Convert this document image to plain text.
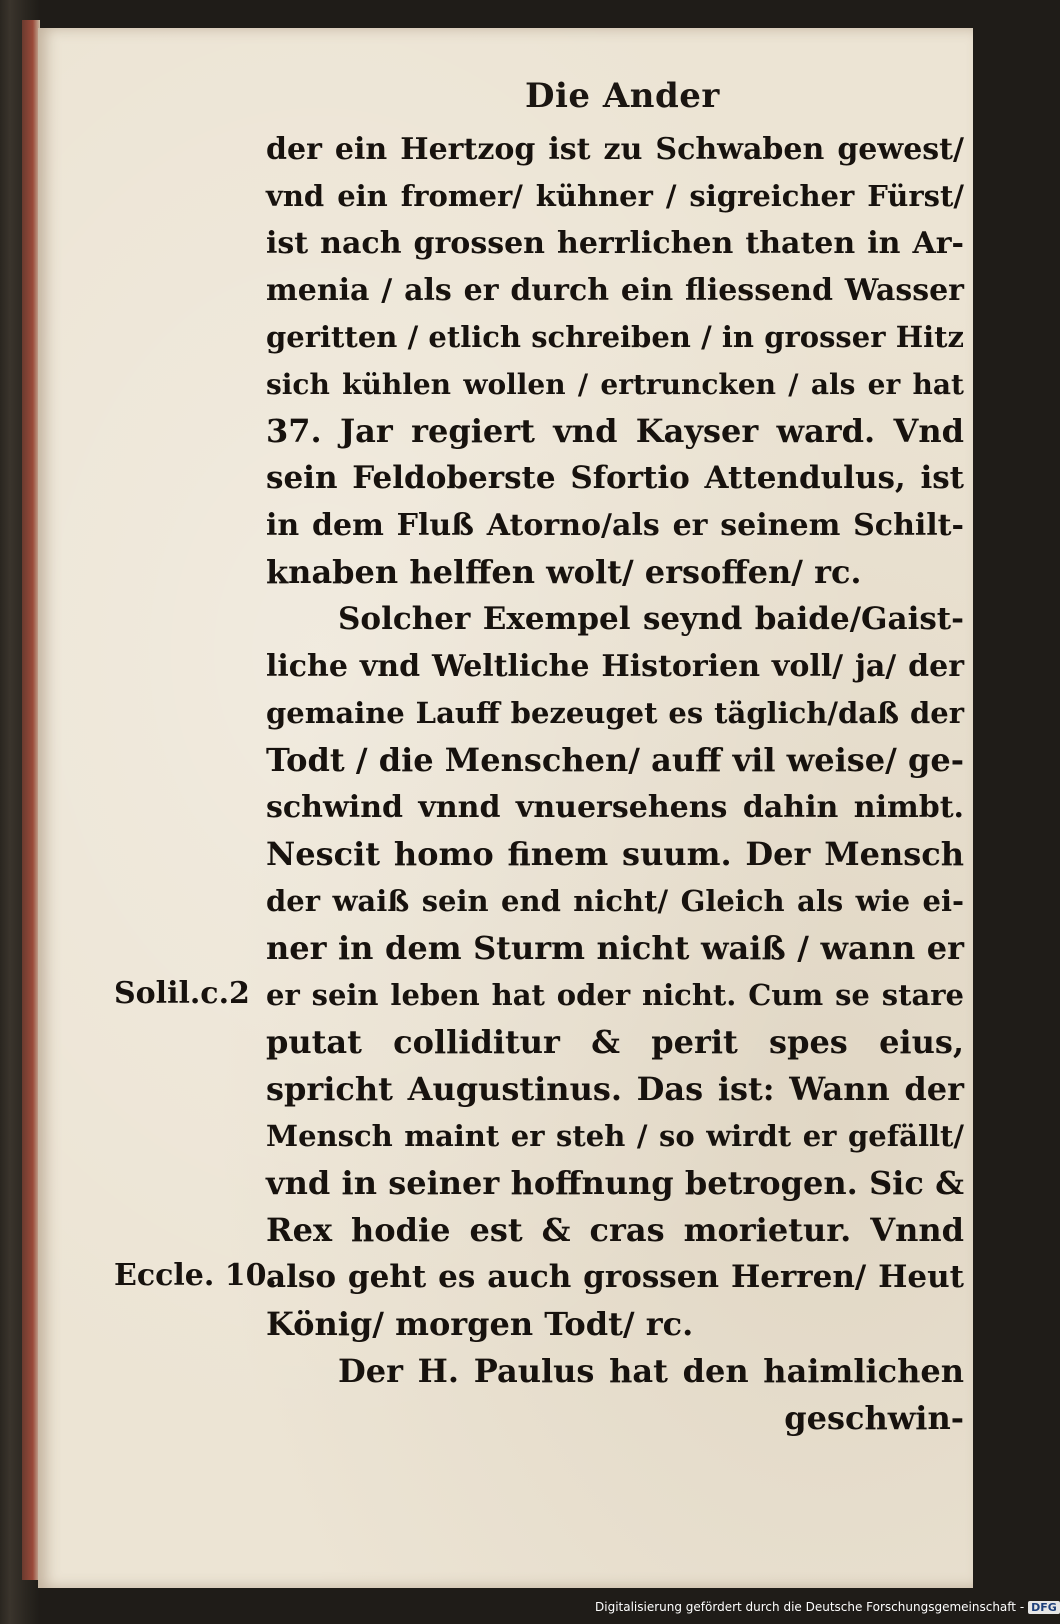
Die Ander
der ein Hertzog ist zu Schwaben gewest/
vnd ein fromer/ kühner / sigreicher Fürst/
ist nach grossen herrlichen thaten in Ar-
menia / als er durch ein fliessend Wasser
geritten / etlich schreiben / in grosser Hitz
sich kühlen wollen / ertruncken / als er hat
37. Jar regiert vnd Kayser ward. Vnd
sein Feldoberste Sfortio Attendulus, ist
in dem Fluß Atorno/als er seinem Schilt-
knaben helffen wolt/ ersoffen/ rc.
Solcher Exempel seynd baide/Gaist-
liche vnd Weltliche Historien voll/ ja/ der
gemaine Lauff bezeuget es täglich/daß der
Todt / die Menschen/ auff vil weise/ ge-
schwind vnnd vnuersehens dahin nimbt.
Nescit homo finem suum. Der Mensch
der waiß sein end nicht/ Gleich als wie ei-
ner in dem Sturm nicht waiß / wann er
er sein leben hat oder nicht. Cum se stare
putat colliditur & perit spes eius,
spricht Augustinus. Das ist: Wann der
Mensch maint er steh / so wirdt er gefällt/
vnd in seiner hoffnung betrogen. Sic &
Rex hodie est & cras morietur. Vnnd
also geht es auch grossen Herren/ Heut
König/ morgen Todt/ rc.
Der H. Paulus hat den haimlichen
geschwin-
Solil.c.2
Eccle. 10.
Digitalisierung gefördert durch die Deutsche Forschungsgemeinschaft - DFG
